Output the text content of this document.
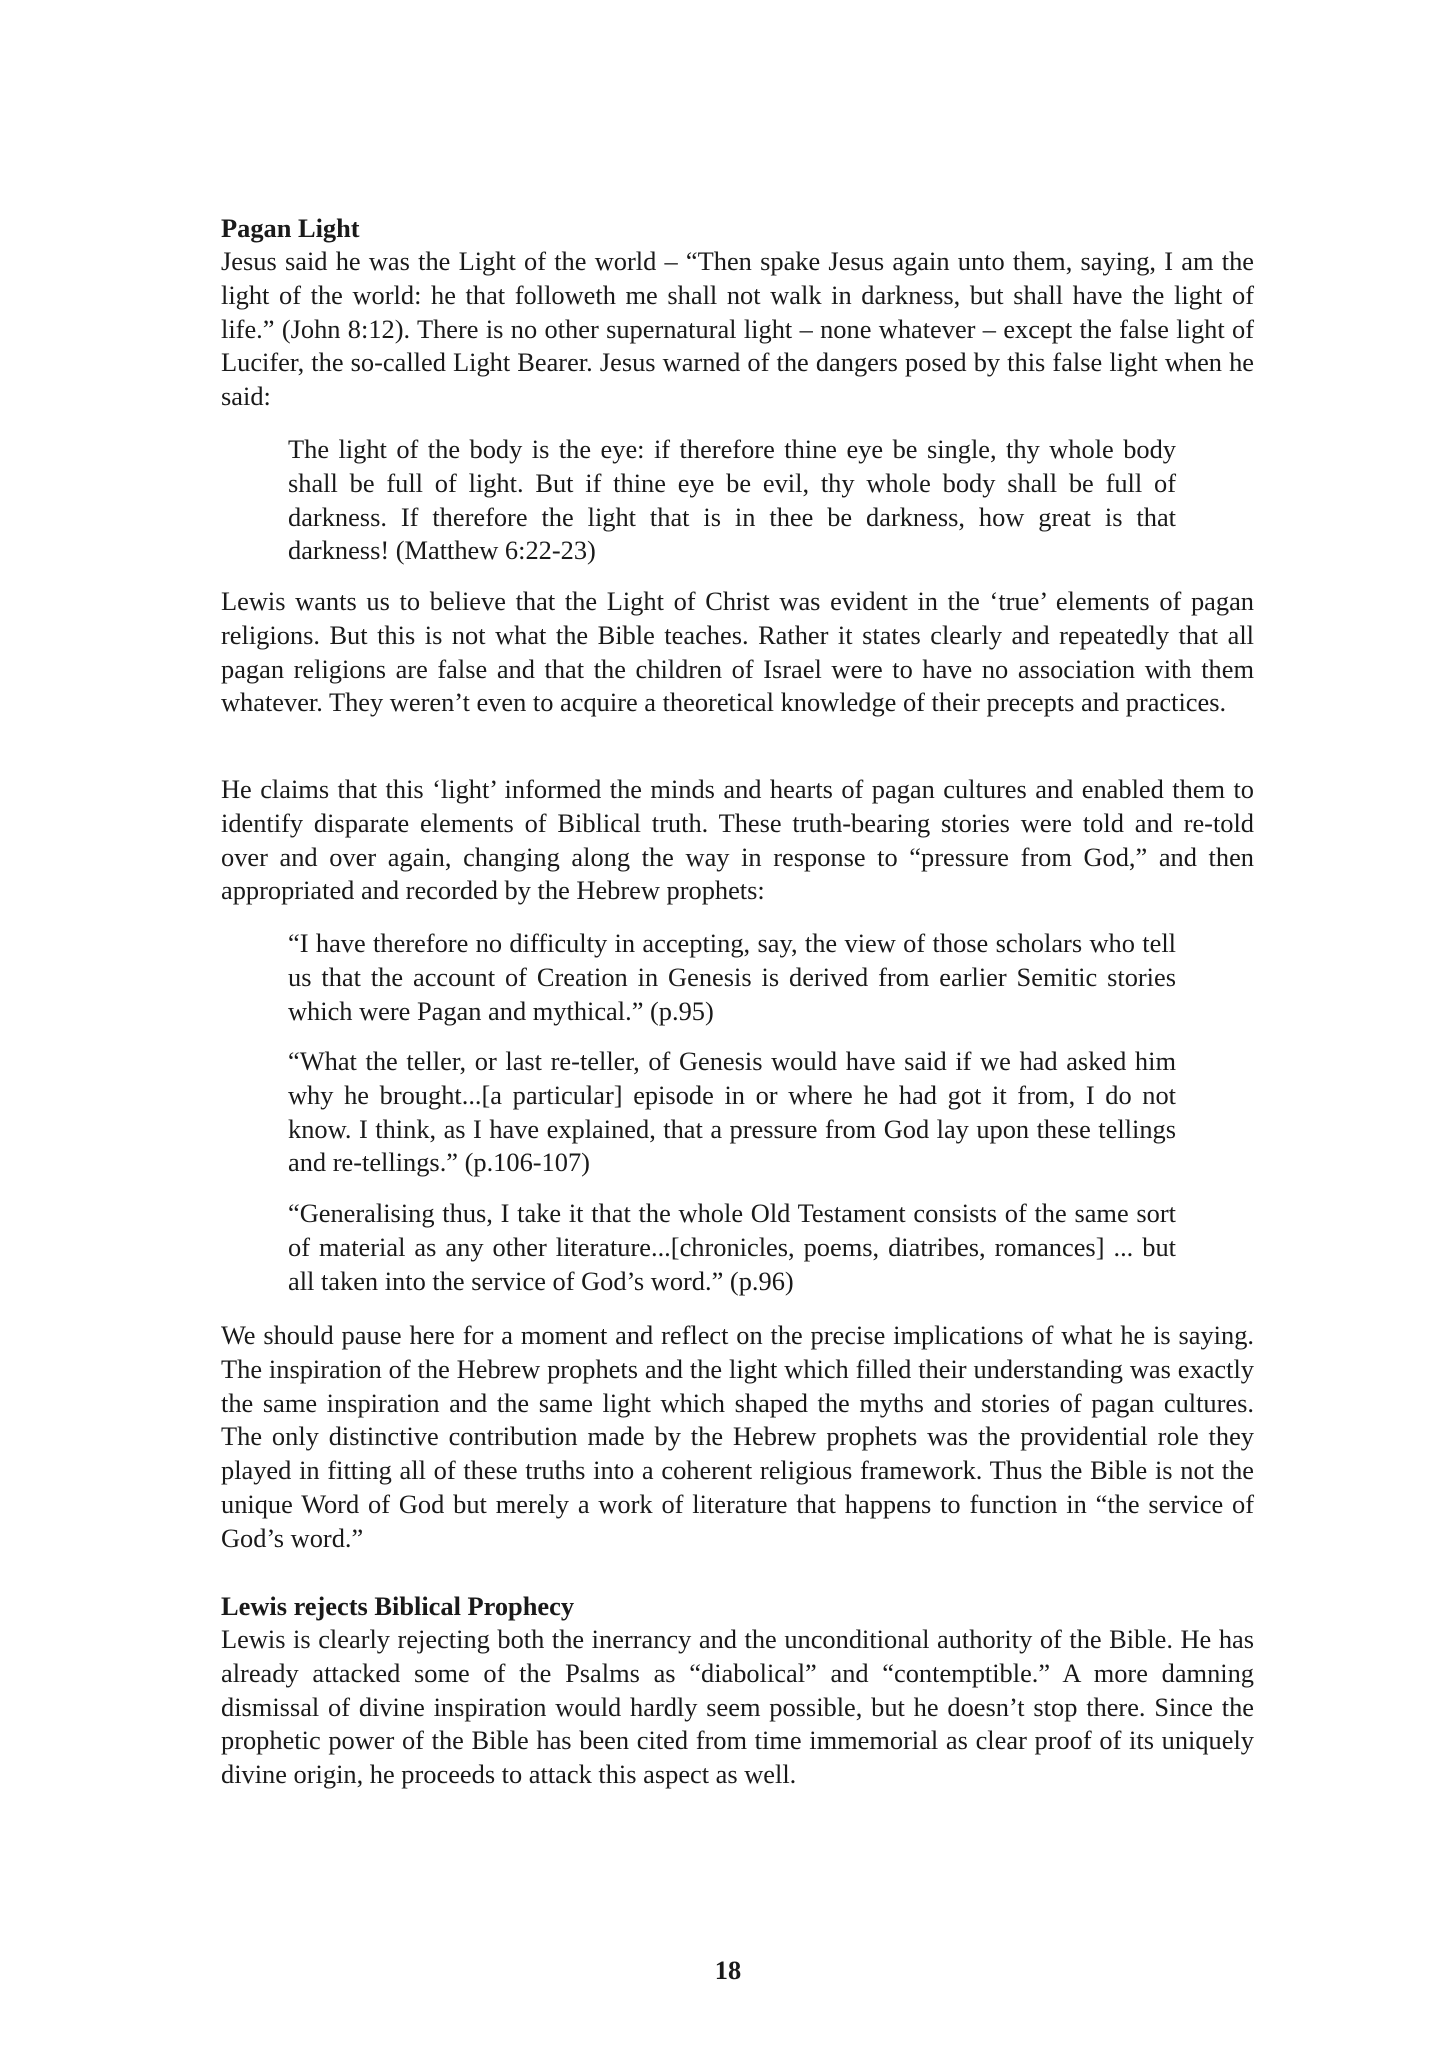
Pagan Light

Jesus said he was the Light of the world – “Then spake Jesus again unto them, saying, I am the light of the world: he that followeth me shall not walk in darkness, but shall have the light of life.” (John 8:12). There is no other supernatural light – none whatever – except the false light of Lucifer, the so-called Light Bearer. Jesus warned of the dangers posed by this false light when he said:

The light of the body is the eye: if therefore thine eye be single, thy whole body shall be full of light. But if thine eye be evil, thy whole body shall be full of darkness. If therefore the light that is in thee be darkness, how great is that darkness! (Matthew 6:22-23)

Lewis wants us to believe that the Light of Christ was evident in the ‘true’ elements of pagan religions. But this is not what the Bible teaches. Rather it states clearly and repeatedly that all pagan religions are false and that the children of Israel were to have no association with them whatever. They weren’t even to acquire a theoretical knowledge of their precepts and practices.

He claims that this ‘light’ informed the minds and hearts of pagan cultures and enabled them to identify disparate elements of Biblical truth. These truth-bearing stories were told and re-told over and over again, changing along the way in response to “pressure from God,” and then appropriated and recorded by the Hebrew prophets:

“I have therefore no difficulty in accepting, say, the view of those scholars who tell us that the account of Creation in Genesis is derived from earlier Semitic stories which were Pagan and mythical.” (p.95)

“What the teller, or last re-teller, of Genesis would have said if we had asked him why he brought...[a particular] episode in or where he had got it from, I do not know. I think, as I have explained, that a pressure from God lay upon these tellings and re-tellings.” (p.106-107)

“Generalising thus, I take it that the whole Old Testament consists of the same sort of material as any other literature...[chronicles, poems, diatribes, romances] ... but all taken into the service of God’s word.” (p.96)

We should pause here for a moment and reflect on the precise implications of what he is saying. The inspiration of the Hebrew prophets and the light which filled their understanding was exactly the same inspiration and the same light which shaped the myths and stories of pagan cultures. The only distinctive contribution made by the Hebrew prophets was the providential role they played in fitting all of these truths into a coherent religious framework. Thus the Bible is not the unique Word of God but merely a work of literature that happens to function in “the service of God’s word.”

Lewis rejects Biblical Prophecy

Lewis is clearly rejecting both the inerrancy and the unconditional authority of the Bible. He has already attacked some of the Psalms as “diabolical” and “contemptible.” A more damning dismissal of divine inspiration would hardly seem possible, but he doesn’t stop there. Since the prophetic power of the Bible has been cited from time immemorial as clear proof of its uniquely divine origin, he proceeds to attack this aspect as well.

18
